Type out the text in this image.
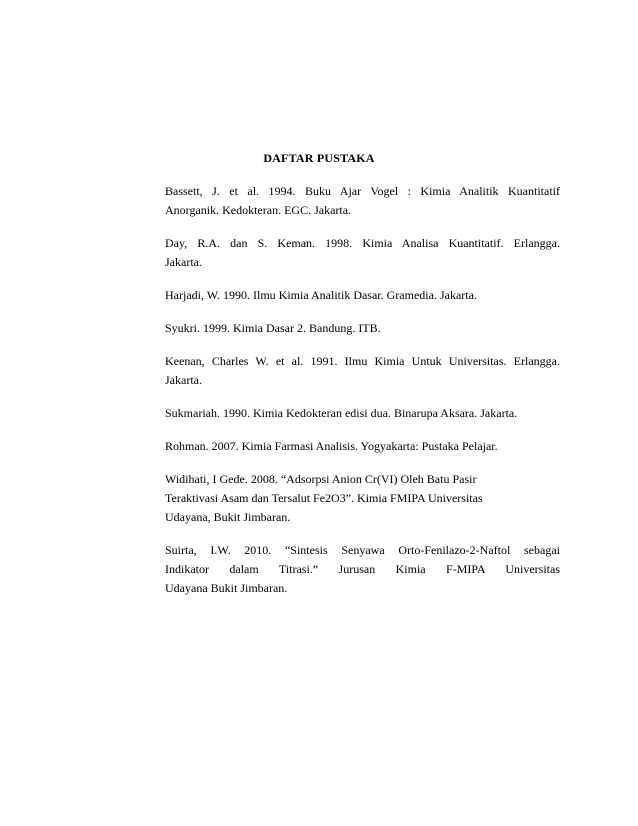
DAFTAR PUSTAKA
Bassett, J. et al. 1994. Buku Ajar Vogel : Kimia Analitik Kuantitatif
Anorganik. Kedokteran. EGC. Jakarta.
Day, R.A. dan S. Keman. 1998. Kimia Analisa Kuantitatif. Erlangga.
Jakarta.
Harjadi, W. 1990. Ilmu Kimia Analitik Dasar. Gramedia. Jakarta.
Syukri. 1999. Kimia Dasar 2. Bandung. ITB.
Keenan, Charles W. et al. 1991. Ilmu Kimia Untuk Universitas. Erlangga.
Jakarta.
Sukmariah. 1990. Kimia Kedokteran edisi dua. Binarupa Aksara. Jakarta.
Rohman. 2007. Kimia Farmasi Analisis. Yogyakarta: Pustaka Pelajar.
Widihati, I Gede. 2008. “Adsorpsi Anion Cr(VI) Oleh Batu Pasir
Teraktivasi Asam dan Tersalut Fe2O3”. Kimia FMIPA Universitas
Udayana, Bukit Jimbaran.
Suirta, I.W. 2010. “Sintesis Senyawa Orto-Fenilazo-2-Naftol sebagai
Indikator dalam Titrasi.” Jurusan Kimia F-MIPA Universitas
Udayana Bukit Jimbaran.
